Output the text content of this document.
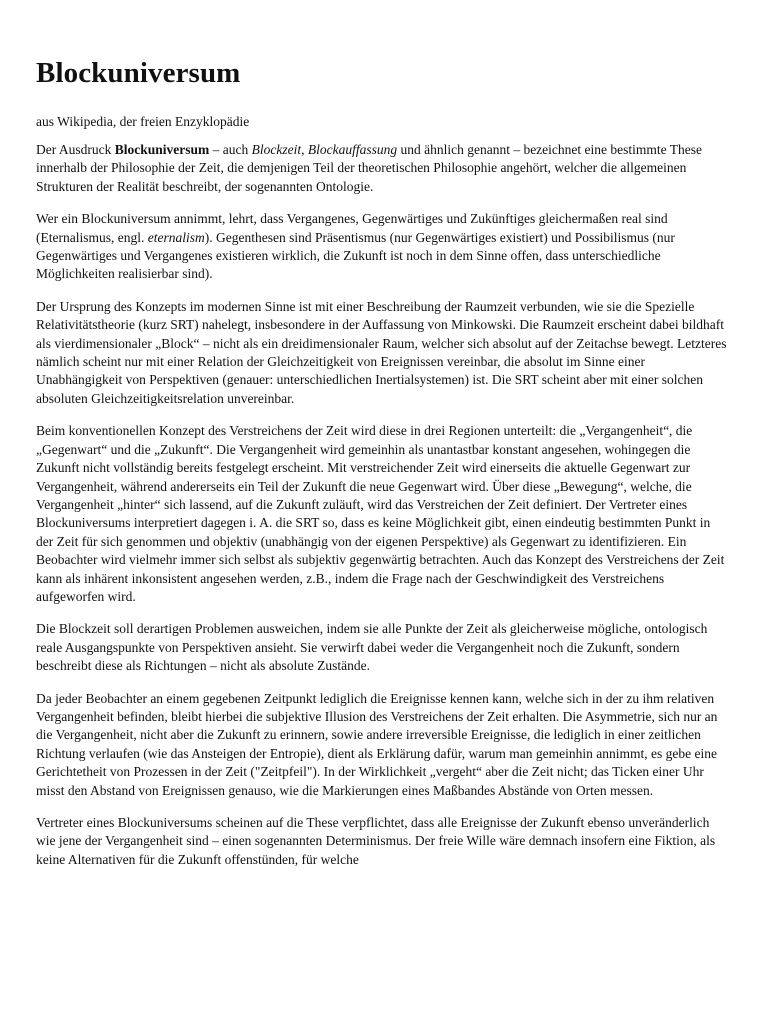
Blockuniversum

aus Wikipedia, der freien Enzyklopädie

Der Ausdruck Blockuniversum – auch Blockzeit, Blockauffassung und ähnlich genannt – bezeichnet eine bestimmte These innerhalb der Philosophie der Zeit, die demjenigen Teil der theoretischen Philosophie angehört, welcher die allgemeinen Strukturen der Realität beschreibt, der sogenannten Ontologie.

Wer ein Blockuniversum annimmt, lehrt, dass Vergangenes, Gegenwärtiges und Zukünftiges gleichermaßen real sind (Eternalismus, engl. eternalism). Gegenthesen sind Präsentismus (nur Gegenwärtiges existiert) und Possibilismus (nur Gegenwärtiges und Vergangenes existieren wirklich, die Zukunft ist noch in dem Sinne offen, dass unterschiedliche Möglichkeiten realisierbar sind).

Der Ursprung des Konzepts im modernen Sinne ist mit einer Beschreibung der Raumzeit verbunden, wie sie die Spezielle Relativitätstheorie (kurz SRT) nahelegt, insbesondere in der Auffassung von Minkowski. Die Raumzeit erscheint dabei bildhaft als vierdimensionaler „Block“ – nicht als ein dreidimensionaler Raum, welcher sich absolut auf der Zeitachse bewegt. Letzteres nämlich scheint nur mit einer Relation der Gleichzeitigkeit von Ereignissen vereinbar, die absolut im Sinne einer Unabhängigkeit von Perspektiven (genauer: unterschiedlichen Inertialsystemen) ist. Die SRT scheint aber mit einer solchen absoluten Gleichzeitigkeitsrelation unvereinbar.

Beim konventionellen Konzept des Verstreichens der Zeit wird diese in drei Regionen unterteilt: die „Vergangenheit“, die „Gegenwart“ und die „Zukunft“. Die Vergangenheit wird gemeinhin als unantastbar konstant angesehen, wohingegen die Zukunft nicht vollständig bereits festgelegt erscheint. Mit verstreichender Zeit wird einerseits die aktuelle Gegenwart zur Vergangenheit, während andererseits ein Teil der Zukunft die neue Gegenwart wird. Über diese „Bewegung“, welche, die Vergangenheit „hinter“ sich lassend, auf die Zukunft zuläuft, wird das Verstreichen der Zeit definiert. Der Vertreter eines Blockuniversums interpretiert dagegen i. A. die SRT so, dass es keine Möglichkeit gibt, einen eindeutig bestimmten Punkt in der Zeit für sich genommen und objektiv (unabhängig von der eigenen Perspektive) als Gegenwart zu identifizieren. Ein Beobachter wird vielmehr immer sich selbst als subjektiv gegenwärtig betrachten. Auch das Konzept des Verstreichens der Zeit kann als inhärent inkonsistent angesehen werden, z.B., indem die Frage nach der Geschwindigkeit des Verstreichens aufgeworfen wird.

Die Blockzeit soll derartigen Problemen ausweichen, indem sie alle Punkte der Zeit als gleicherweise mögliche, ontologisch reale Ausgangspunkte von Perspektiven ansieht. Sie verwirft dabei weder die Vergangenheit noch die Zukunft, sondern beschreibt diese als Richtungen – nicht als absolute Zustände.

Da jeder Beobachter an einem gegebenen Zeitpunkt lediglich die Ereignisse kennen kann, welche sich in der zu ihm relativen Vergangenheit befinden, bleibt hierbei die subjektive Illusion des Verstreichens der Zeit erhalten. Die Asymmetrie, sich nur an die Vergangenheit, nicht aber die Zukunft zu erinnern, sowie andere irreversible Ereignisse, die lediglich in einer zeitlichen Richtung verlaufen (wie das Ansteigen der Entropie), dient als Erklärung dafür, warum man gemeinhin annimmt, es gebe eine Gerichtetheit von Prozessen in der Zeit ("Zeitpfeil"). In der Wirklichkeit „vergeht“ aber die Zeit nicht; das Ticken einer Uhr misst den Abstand von Ereignissen genauso, wie die Markierungen eines Maßbandes Abstände von Orten messen.

Vertreter eines Blockuniversums scheinen auf die These verpflichtet, dass alle Ereignisse der Zukunft ebenso unveränderlich wie jene der Vergangenheit sind – einen sogenannten Determinismus. Der freie Wille wäre demnach insofern eine Fiktion, als keine Alternativen für die Zukunft offenstünden, für welche
